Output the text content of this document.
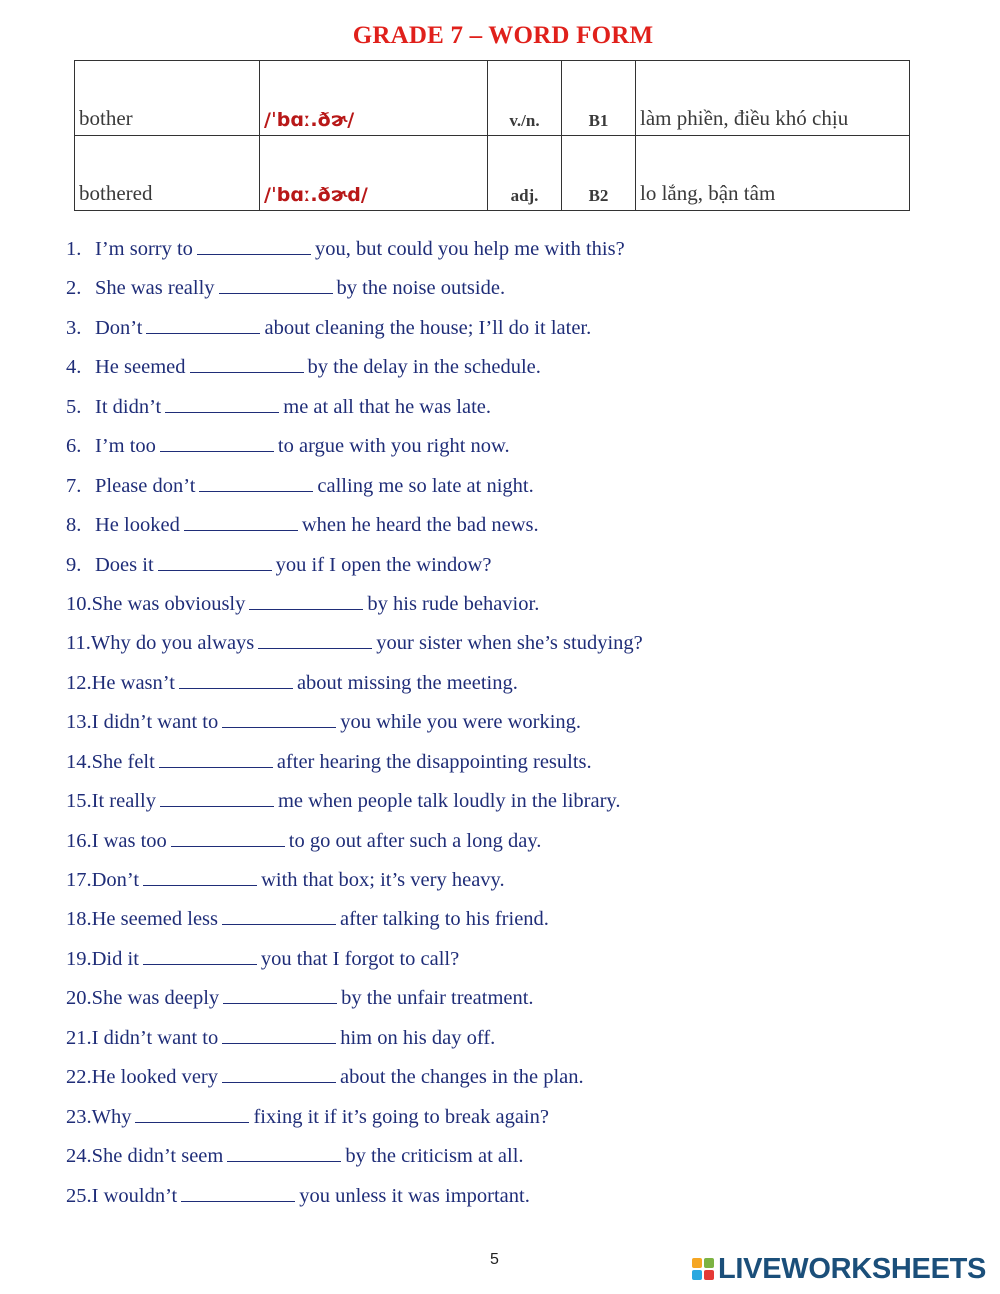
GRADE 7 – WORD FORM
bother	/ˈbɑː.ðɚ/	v./n.	B1	làm phiền, điều khó chịu
bothered	/ˈbɑː.ðɚd/	adj.	B2	lo lắng, bận tâm
1. I’m sorry to	you, but could you help me with this?
2. She was really	by the noise outside.
3. Don’t	about cleaning the house; I’ll do it later.
4. He seemed	by the delay in the schedule.
5. It didn’t	me at all that he was late.
6. I’m too	to argue with you right now.
7. Please don’t	calling me so late at night.
8. He looked	when he heard the bad news.
9. Does it	you if I open the window?
10.She was obviously	by his rude behavior.
11.Why do you always	your sister when she’s studying?
12.He wasn’t	about missing the meeting.
13.I didn’t want to	you while you were working.
14.She felt	after hearing the disappointing results.
15.It really	me when people talk loudly in the library.
16.I was too	to go out after such a long day.
17.Don’t	with that box; it’s very heavy.
18.He seemed less	after talking to his friend.
19.Did it	you that I forgot to call?
20.She was deeply	by the unfair treatment.
21.I didn’t want to	him on his day off.
22.He looked very	about the changes in the plan.
23.Why	fixing it if it’s going to break again?
24.She didn’t seem	by the criticism at all.
25.I wouldn’t	you unless it was important.
5	LIVEWORKSHEETS
